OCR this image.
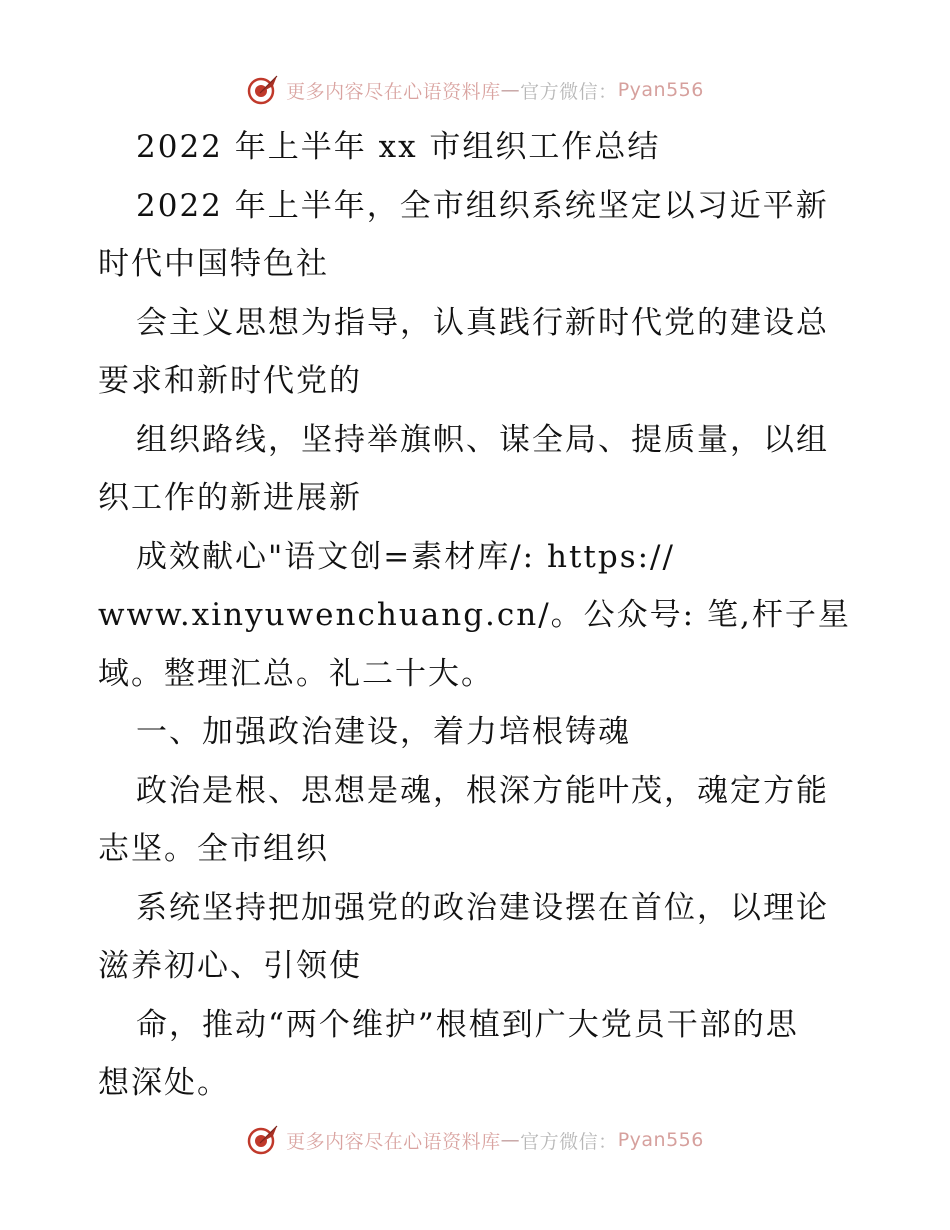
更多内容尽在心语资料库 — 官方微信： Pyan556
2022 年上半年 xx 市组织工作总结
2022 年上半年，全市组织系统坚定以习近平新
时代中国特色社
会主义思想为指导，认真践行新时代党的建设总
要求和新时代党的
组织路线，坚持举旗帜、谋全局、提质量，以组
织工作的新进展新
成效献心"语文创=素材库/: https://
www.xinyuwenchuang.cn/。公众号: 笔,杆子星
域。整理汇总。礼二十大。
一、加强政治建设，着力培根铸魂
政治是根、思想是魂，根深方能叶茂，魂定方能
志坚。全市组织
系统坚持把加强党的政治建设摆在首位，以理论
滋养初心、引领使
命，推动“两个维护”根植到广大党员干部的思
想深处。
更多内容尽在心语资料库 — 官方微信： Pyan556
